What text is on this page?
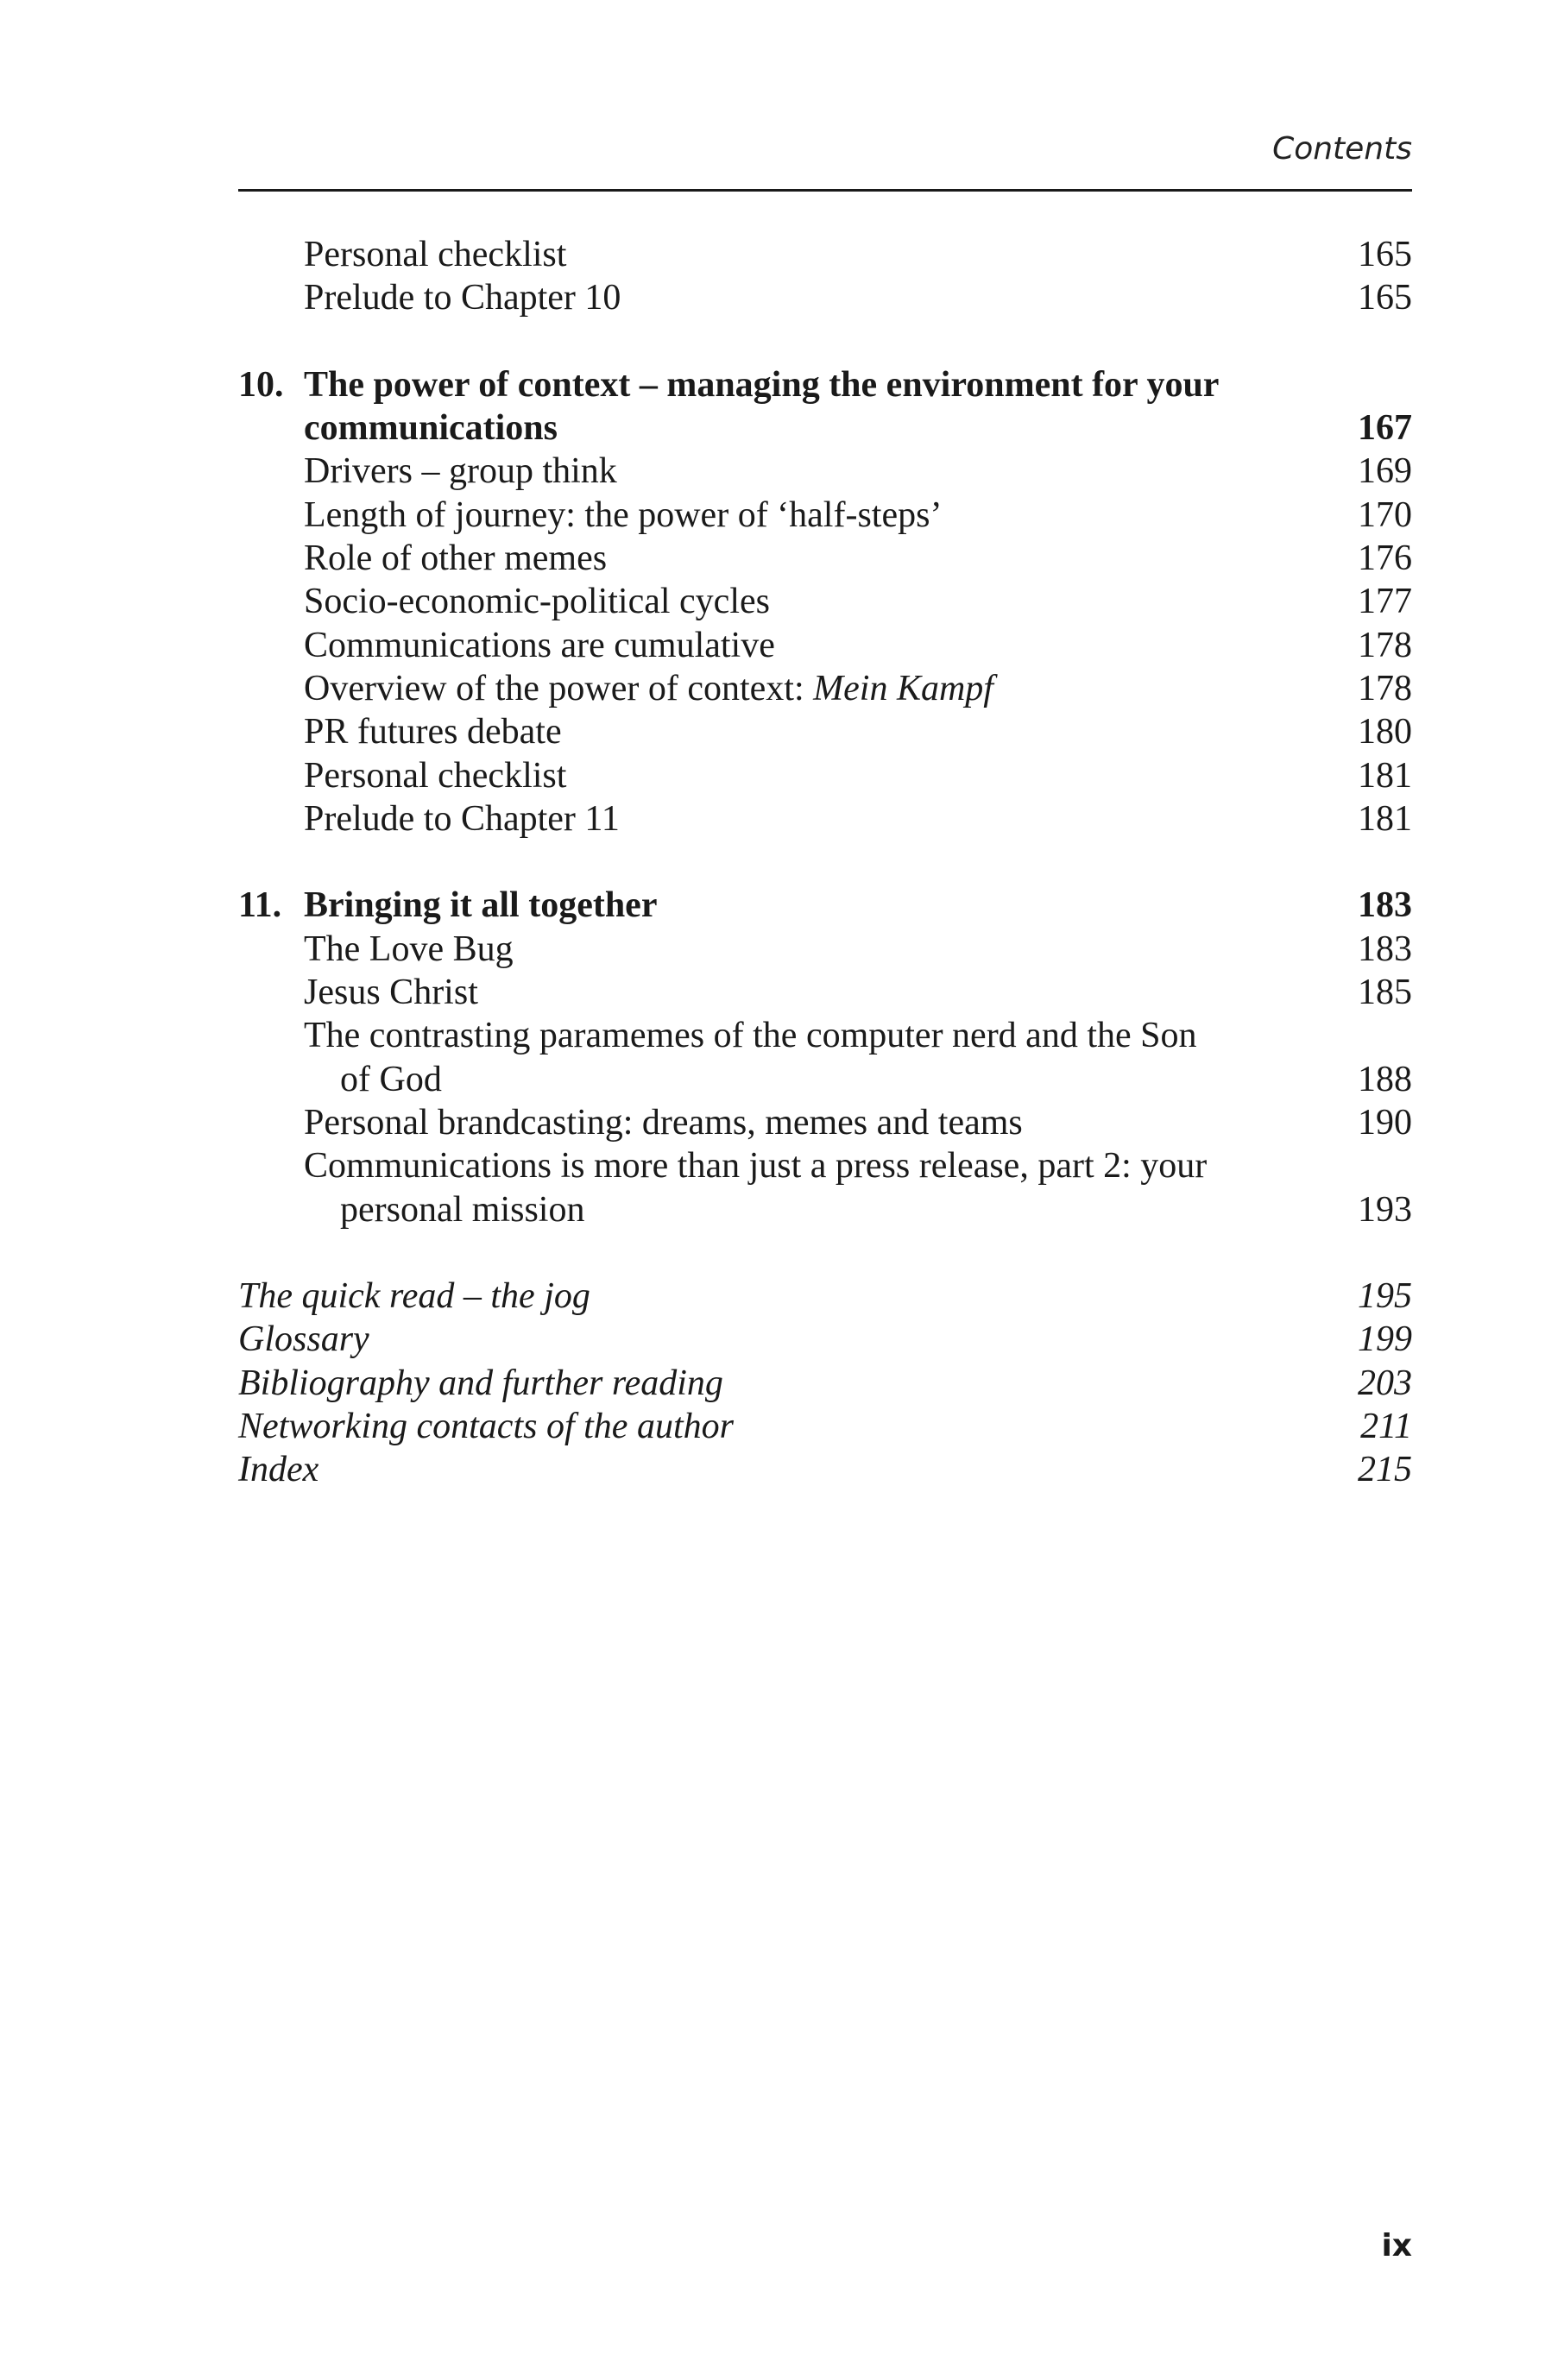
Contents
Personal checklist	165
Prelude to Chapter 10	165
10. The power of context – managing the environment for your
communications	167
Drivers – group think	169
Length of journey: the power of ‘half-steps’	170
Role of other memes	176
Socio-economic-political cycles	177
Communications are cumulative	178
Overview of the power of context: Mein Kampf	178
PR futures debate	180
Personal checklist	181
Prelude to Chapter 11	181
11. Bringing it all together	183
The Love Bug	183
Jesus Christ	185
The contrasting paramemes of the computer nerd and the Son
of God	188
Personal brandcasting: dreams, memes and teams	190
Communications is more than just a press release, part 2: your
personal mission	193
The quick read – the jog	195
Glossary	199
Bibliography and further reading	203
Networking contacts of the author	211
Index	215
ix
